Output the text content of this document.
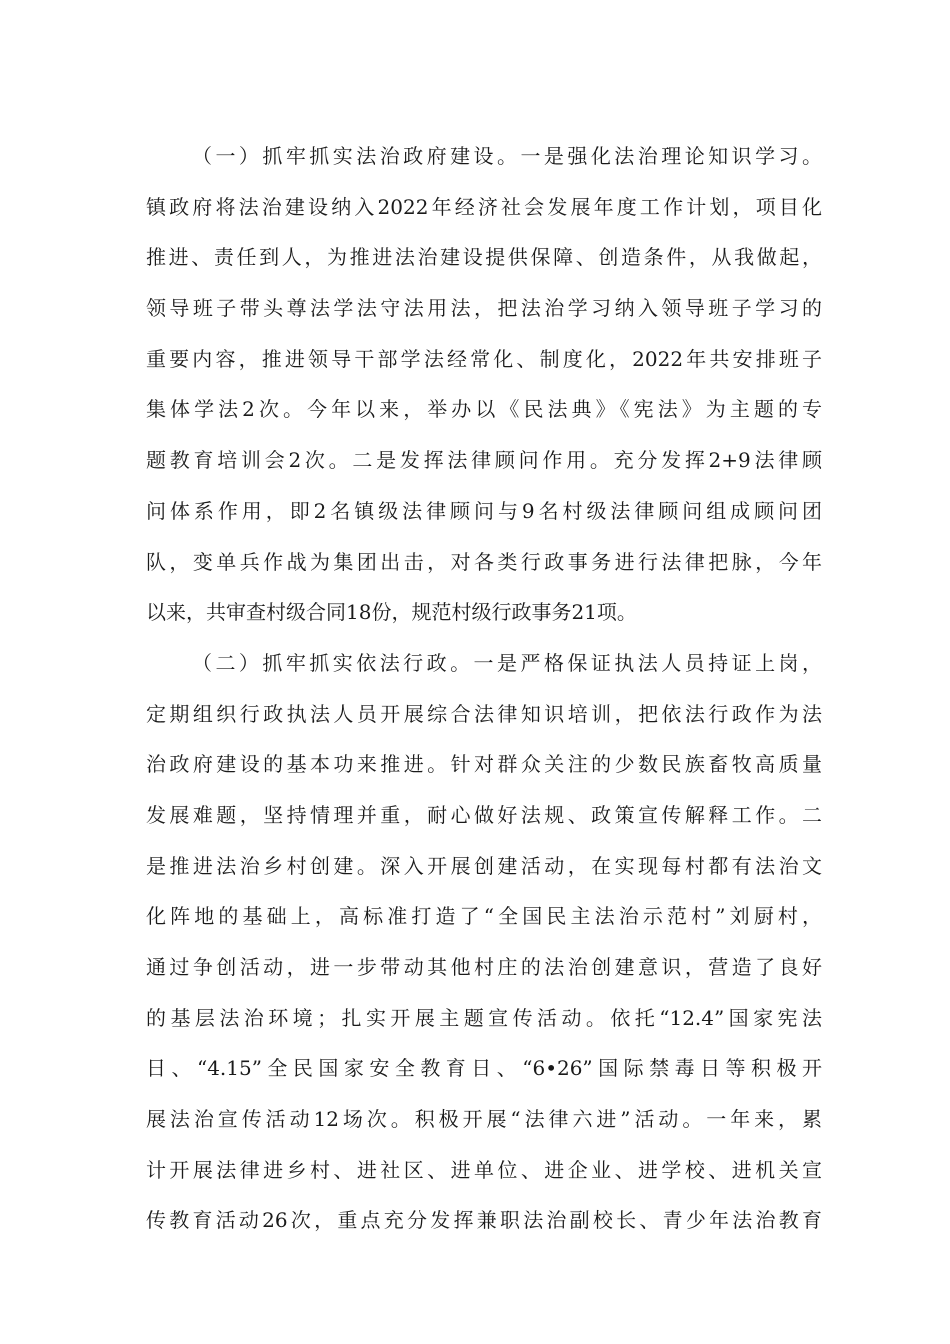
（一）抓牢抓实法治政府建设。一是强化法治理论知识学习。
镇政府将法治建设纳入2022年经济社会发展年度工作计划，项目化
推进、责任到人，为推进法治建设提供保障、创造条件，从我做起，
领导班子带头尊法学法守法用法，把法治学习纳入领导班子学习的
重要内容，推进领导干部学法经常化、制度化，2022年共安排班子
集体学法2次。今年以来，举办以《民法典》《宪法》为主题的专
题教育培训会2次。二是发挥法律顾问作用。充分发挥2+9法律顾
问体系作用，即2名镇级法律顾问与9名村级法律顾问组成顾问团
队，变单兵作战为集团出击，对各类行政事务进行法律把脉，今年
以来，共审查村级合同18份，规范村级行政事务21项。
（二）抓牢抓实依法行政。一是严格保证执法人员持证上岗，
定期组织行政执法人员开展综合法律知识培训，把依法行政作为法
治政府建设的基本功来推进。针对群众关注的少数民族畜牧高质量
发展难题，坚持情理并重，耐心做好法规、政策宣传解释工作。二
是推进法治乡村创建。深入开展创建活动，在实现每村都有法治文
化阵地的基础上，高标准打造了“全国民主法治示范村”刘厨村，
通过争创活动，进一步带动其他村庄的法治创建意识，营造了良好
的基层法治环境；扎实开展主题宣传活动。依托“12.4”国家宪法
日、“4.15”全民国家安全教育日、“6•26”国际禁毒日等积极开
展法治宣传活动12场次。积极开展“法律六进”活动。一年来，累
计开展法律进乡村、进社区、进单位、进企业、进学校、进机关宣
传教育活动26次，重点充分发挥兼职法治副校长、青少年法治教育
